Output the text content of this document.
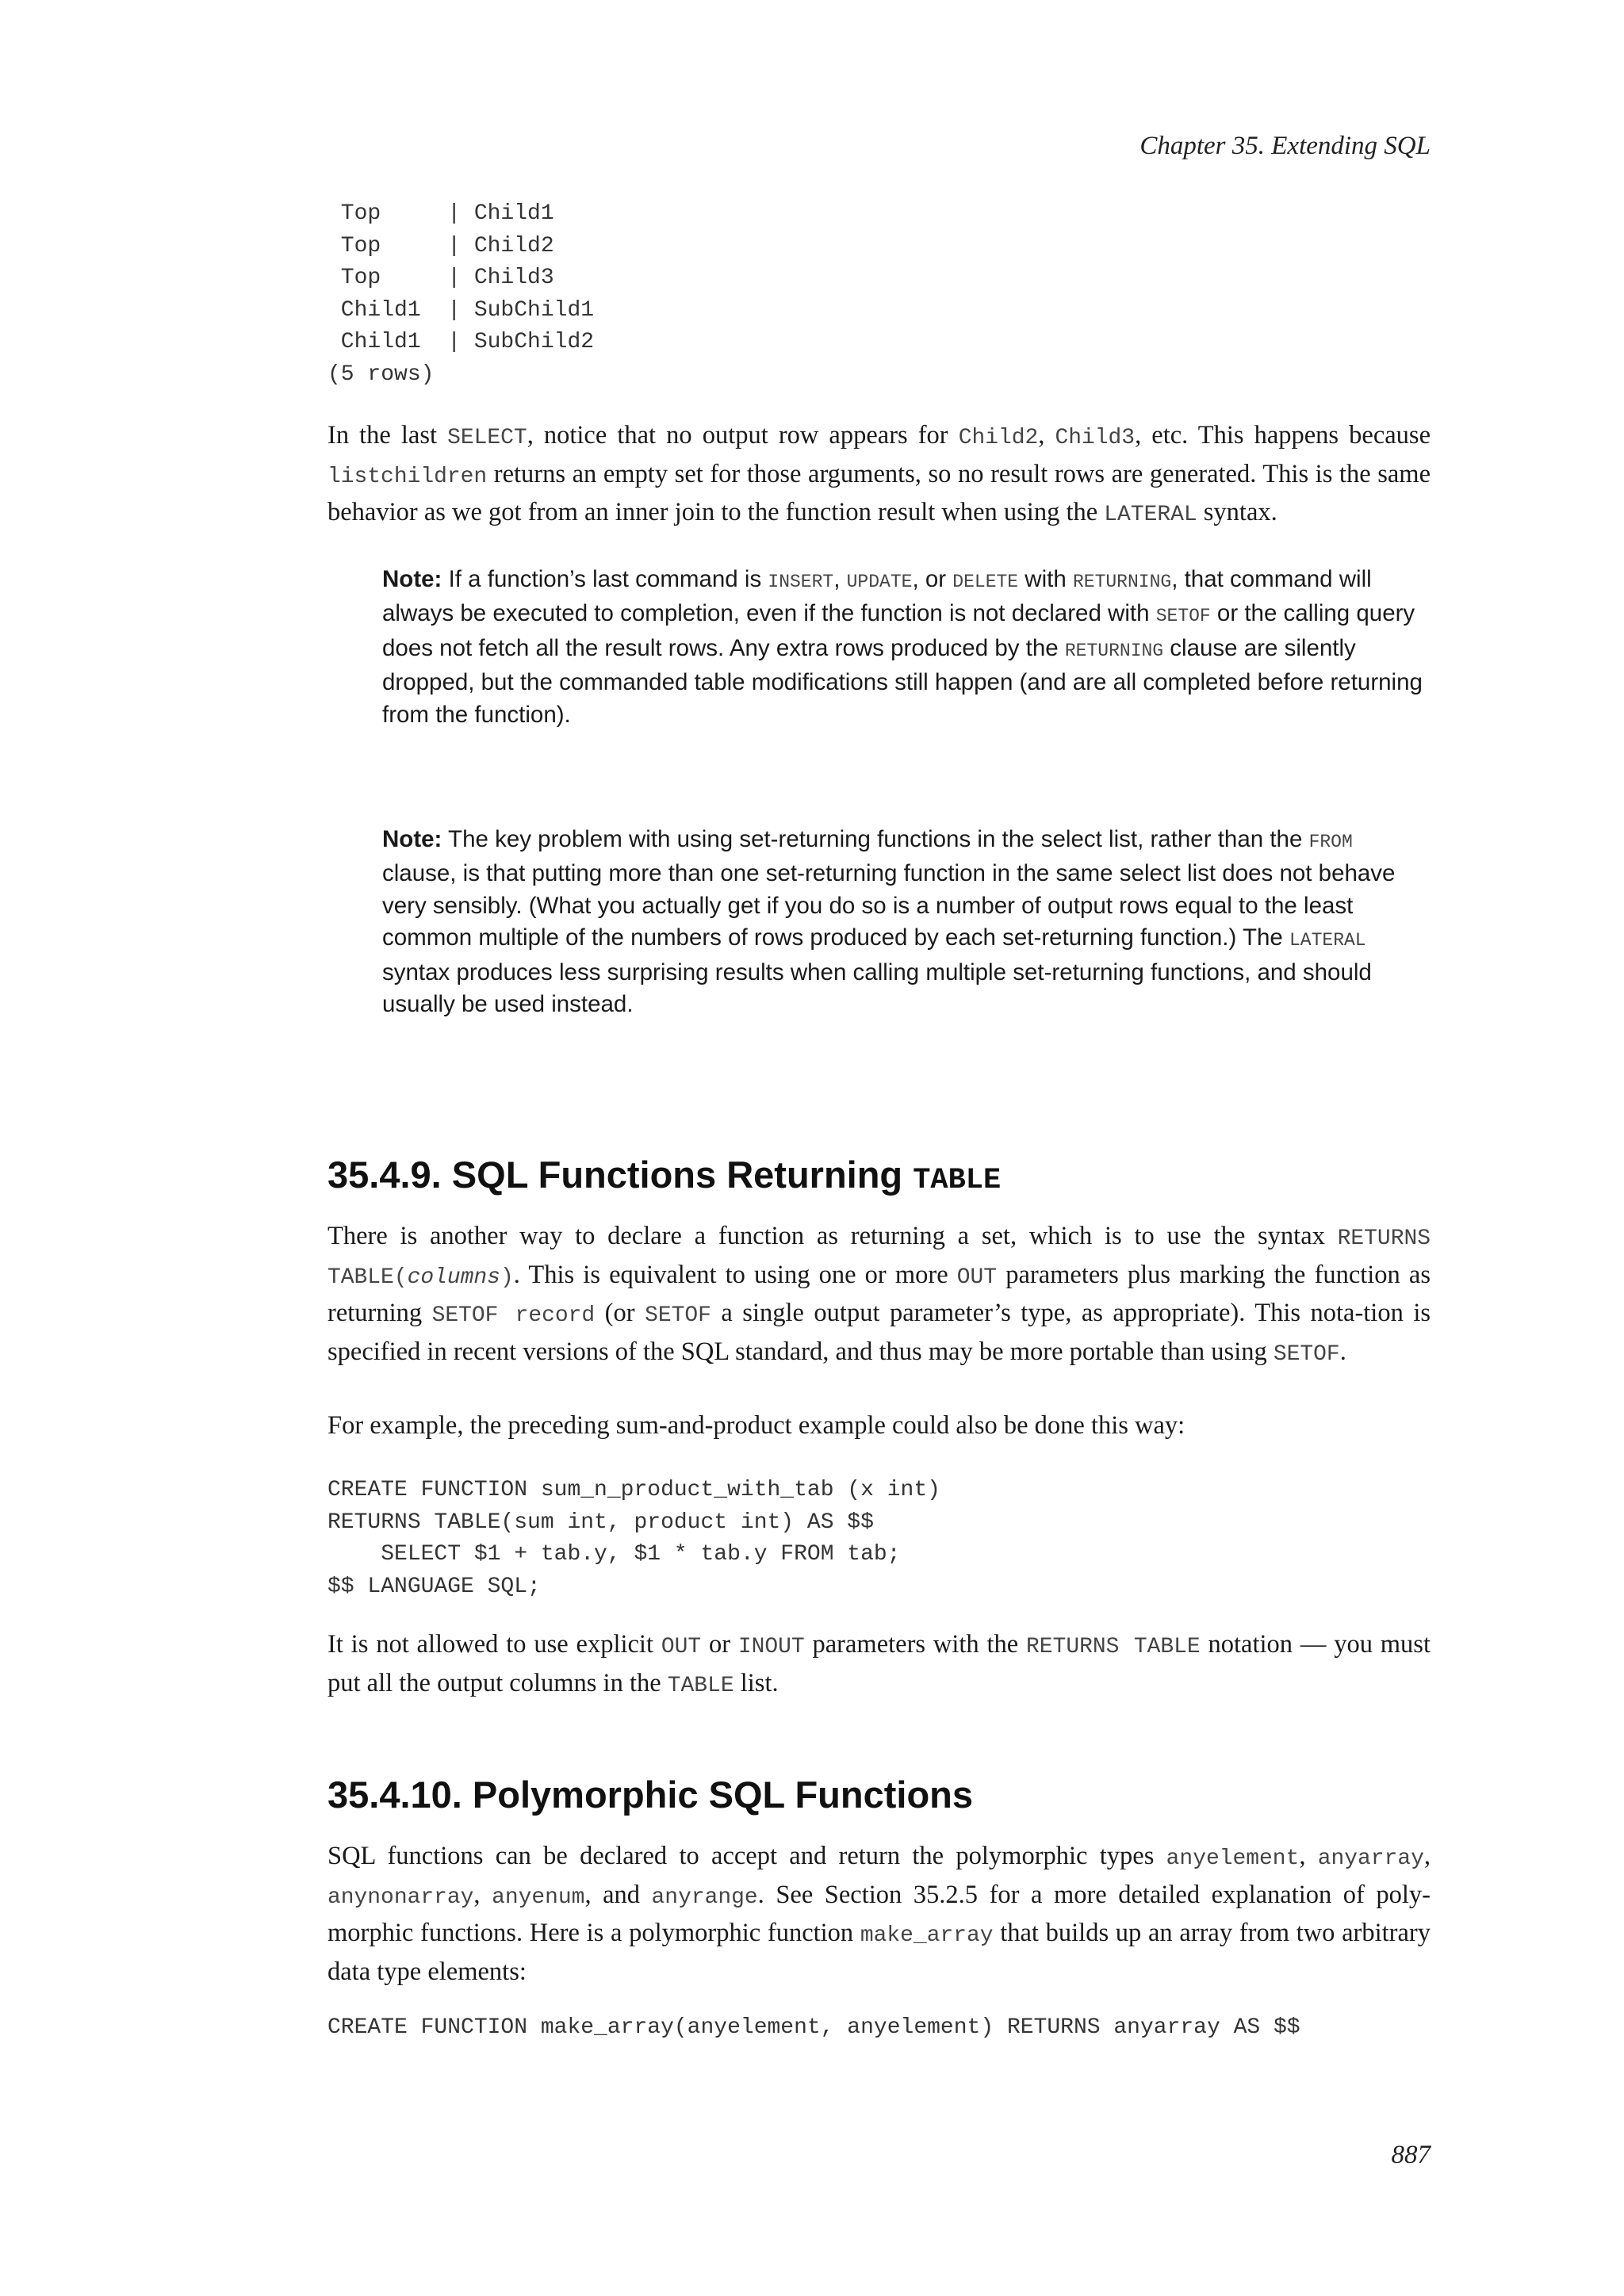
Chapter 35. Extending SQL
Top     | Child1
Top     | Child2
Top     | Child3
Child1  | SubChild1
Child1  | SubChild2
(5 rows)

In the last SELECT, notice that no output row appears for Child2, Child3, etc. This happens because listchildren returns an empty set for those arguments, so no result rows are generated. This is the same behavior as we got from an inner join to the function result when using the LATERAL syntax.

Note: If a function’s last command is INSERT, UPDATE, or DELETE with RETURNING, that command will always be executed to completion, even if the function is not declared with SETOF or the calling query does not fetch all the result rows. Any extra rows produced by the RETURNING clause are silently dropped, but the commanded table modifications still happen (and are all completed before returning from the function).

Note: The key problem with using set-returning functions in the select list, rather than the FROM clause, is that putting more than one set-returning function in the same select list does not behave very sensibly. (What you actually get if you do so is a number of output rows equal to the least common multiple of the numbers of rows produced by each set-returning function.) The LATERAL syntax produces less surprising results when calling multiple set-returning functions, and should usually be used instead.

35.4.9. SQL Functions Returning TABLE

There is another way to declare a function as returning a set, which is to use the syntax RETURNS TABLE(columns). This is equivalent to using one or more OUT parameters plus marking the function as returning SETOF record (or SETOF a single output parameter’s type, as appropriate). This nota-tion is specified in recent versions of the SQL standard, and thus may be more portable than using SETOF.

For example, the preceding sum-and-product example could also be done this way:

CREATE FUNCTION sum_n_product_with_tab (x int)
RETURNS TABLE(sum int, product int) AS $$
SELECT $1 + tab.y, $1 * tab.y FROM tab;
$$ LANGUAGE SQL;

It is not allowed to use explicit OUT or INOUT parameters with the RETURNS TABLE notation — you must put all the output columns in the TABLE list.

35.4.10. Polymorphic SQL Functions

SQL functions can be declared to accept and return the polymorphic types anyelement, anyarray, anynonarray, anyenum, and anyrange. See Section 35.2.5 for a more detailed explanation of poly-morphic functions. Here is a polymorphic function make_array that builds up an array from two arbitrary data type elements:

CREATE FUNCTION make_array(anyelement, anyelement) RETURNS anyarray AS $$
887
